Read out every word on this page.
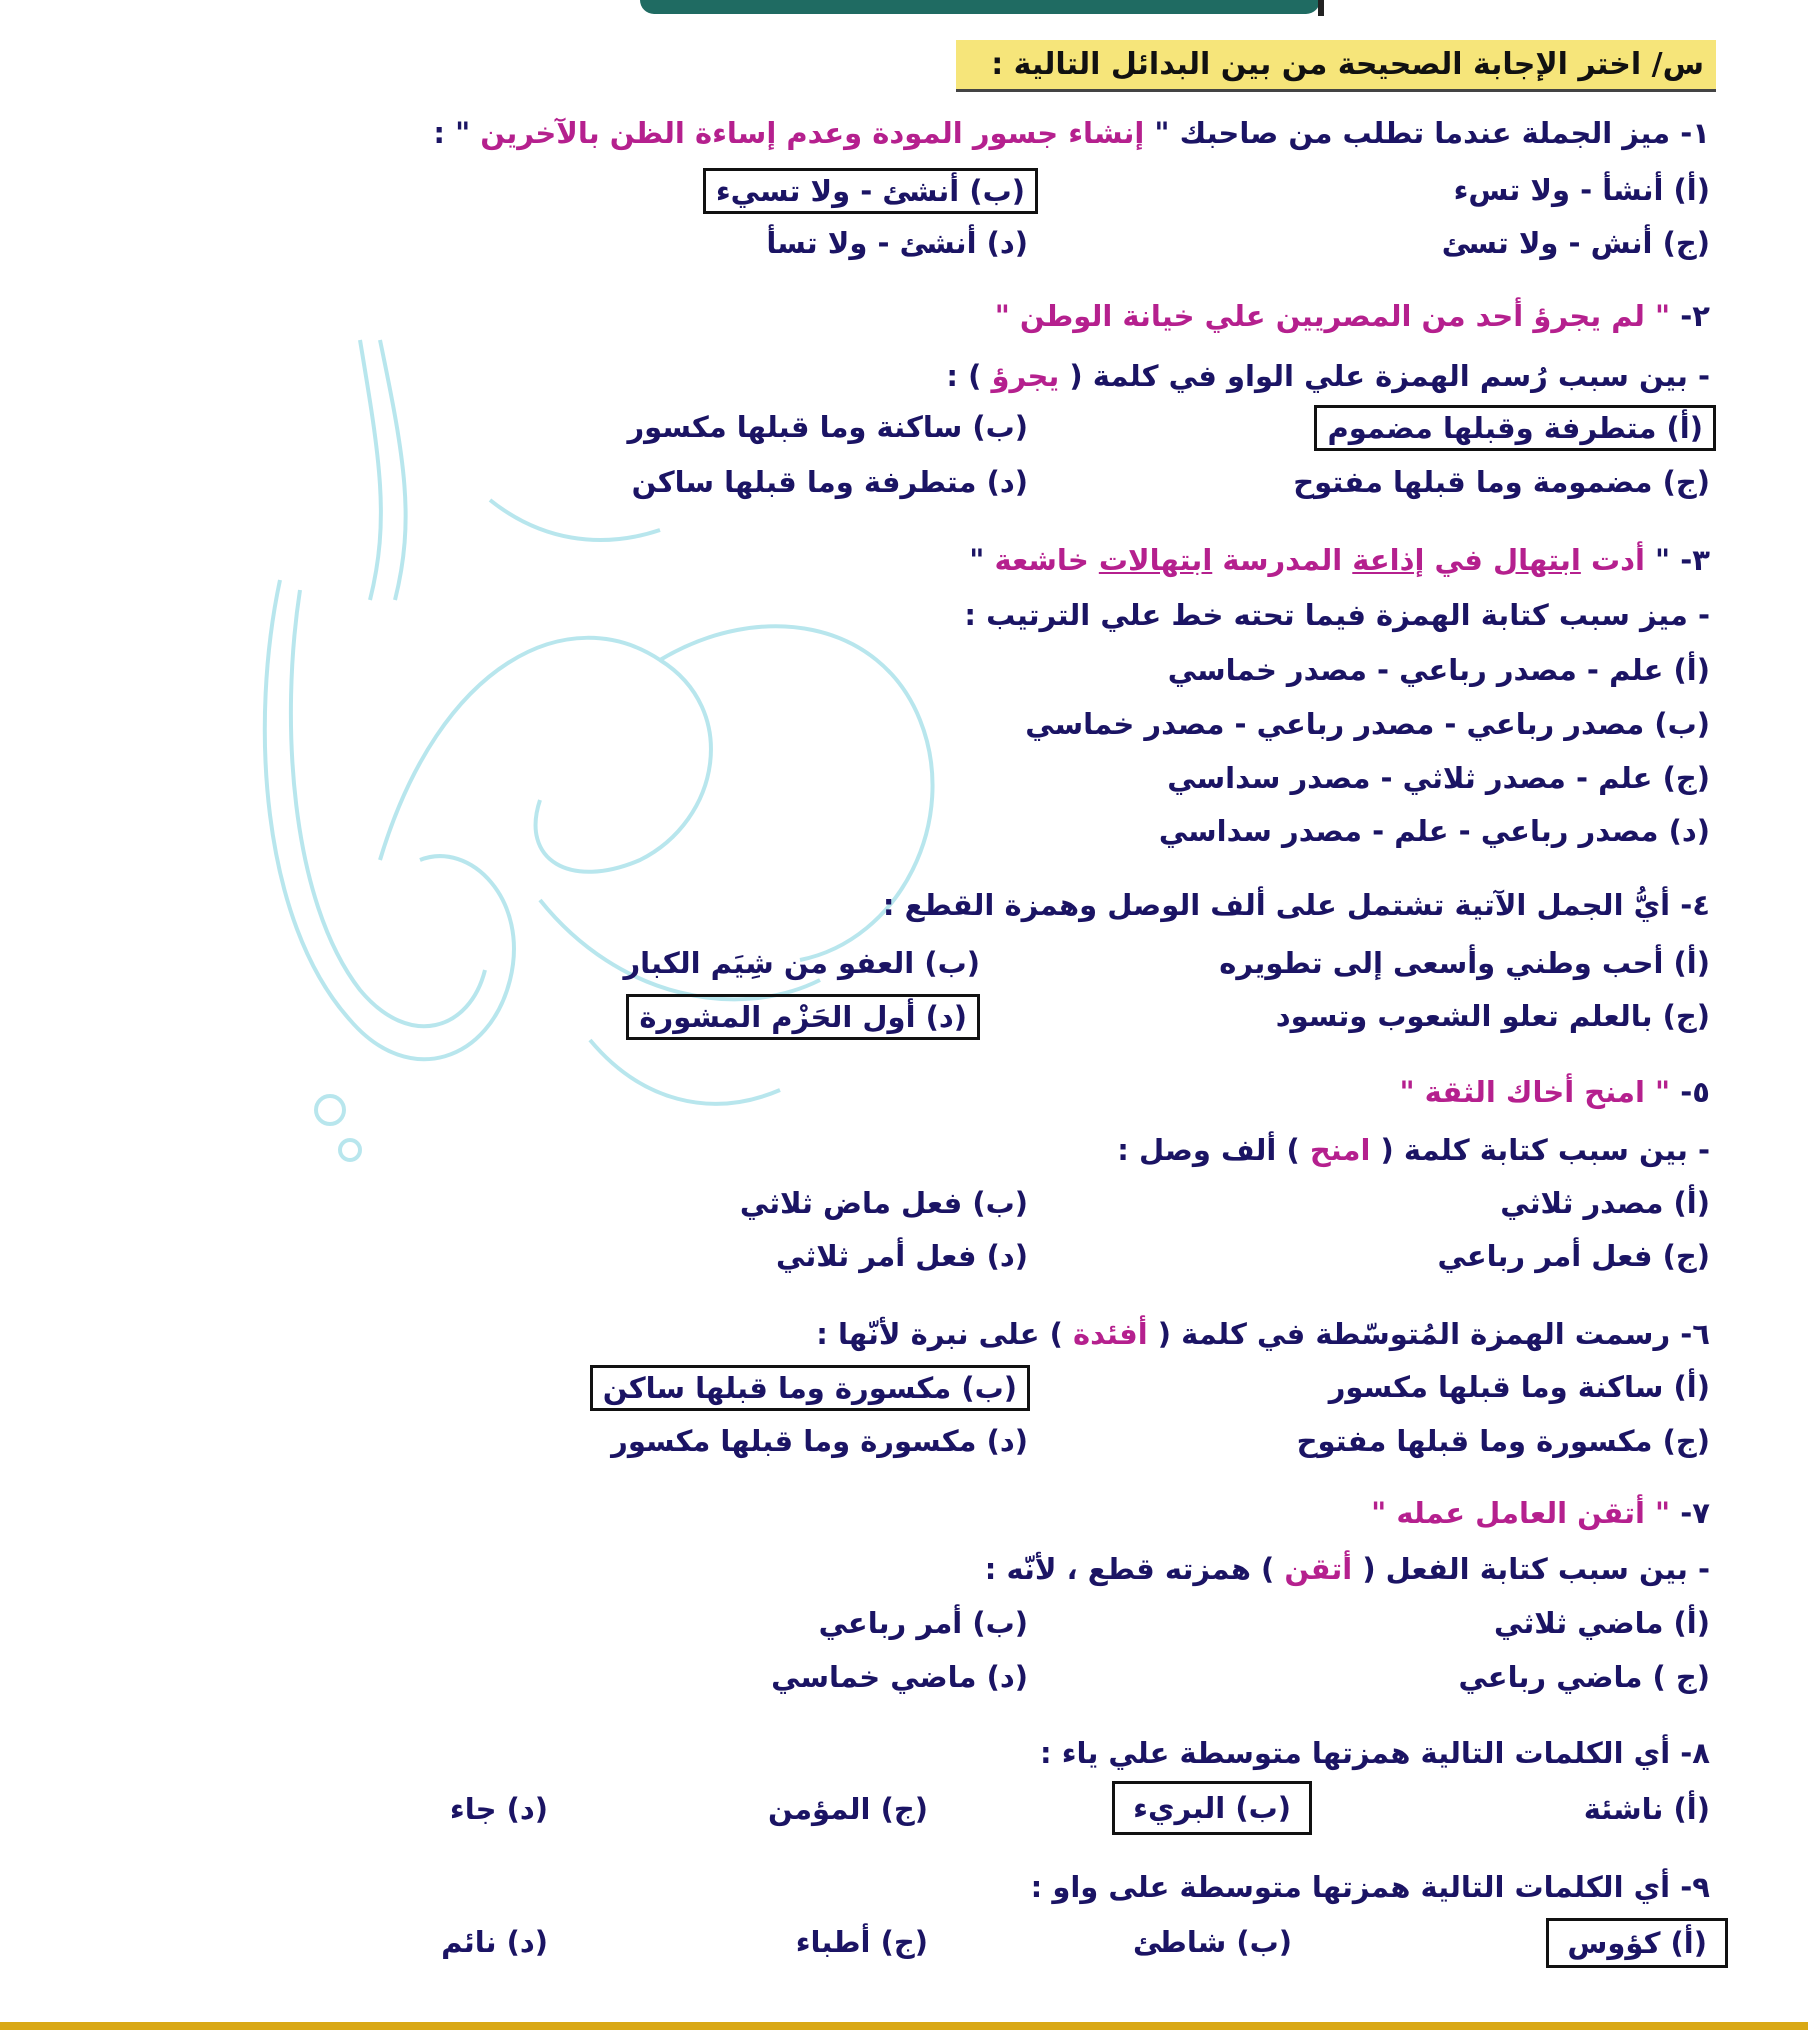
س/ اختر الإجابة الصحيحة من بين البدائل التالية :
١- ميز الجملة عندما تطلب من صاحبك " إنشاء جسور المودة وعدم إساءة الظن بالآخرين " :
(أ) أنشأ - ولا تسء
(ب) أنشئ - ولا تسيء
(ج) أنش - ولا تسئ
(د) أنشئ - ولا تسأ
٢- " لم يجرؤ أحد من المصريين علي خيانة الوطن "
- بين سبب رُسم الهمزة علي الواو في كلمة ( يجرؤ ) :
(أ) متطرفة وقبلها مضموم
(ب) ساكنة وما قبلها مكسور
(ج) مضمومة وما قبلها مفتوح
(د) متطرفة وما قبلها ساكن
٣- " أدت ابتهال في إذاعة المدرسة ابتهالات خاشعة "
- ميز سبب كتابة الهمزة فيما تحته خط علي الترتيب :
(أ) علم - مصدر رباعي - مصدر خماسي
(ب) مصدر رباعي - مصدر رباعي - مصدر خماسي
(ج) علم - مصدر ثلاثي - مصدر سداسي
(د) مصدر رباعي - علم - مصدر سداسي
٤- أيُّ الجمل الآتية تشتمل على ألف الوصل وهمزة القطع :
(أ) أحب وطني وأسعى إلى تطويره
(ب) العفو من شِيَم الكبار
(ج) بالعلم تعلو الشعوب وتسود
(د) أول الحَزْم المشورة
٥- " امنح أخاك الثقة "
- بين سبب كتابة كلمة ( امنح ) ألف وصل :
(أ) مصدر ثلاثي
(ب) فعل ماض ثلاثي
(ج) فعل أمر رباعي
(د) فعل أمر ثلاثي
٦- رسمت الهمزة المُتوسّطة في كلمة ( أفئدة ) على نبرة لأنّها :
(أ) ساكنة وما قبلها مكسور
(ب) مكسورة وما قبلها ساكن
(ج) مكسورة وما قبلها مفتوح
(د) مكسورة وما قبلها مكسور
٧- " أتقن العامل عمله "
- بين سبب كتابة الفعل ( أتقن ) همزته قطع ، لأنّه :
(أ) ماضي ثلاثي
(ب) أمر رباعي
(ج ) ماضي رباعي
(د) ماضي خماسي
٨- أي الكلمات التالية همزتها متوسطة علي ياء :
(أ) ناشئة
(ب) البريء
(ج) المؤمن
(د) جاء
٩- أي الكلمات التالية همزتها متوسطة على واو :
(أ) كؤوس
(ب) شاطئ
(ج) أطباء
(د) نائم
